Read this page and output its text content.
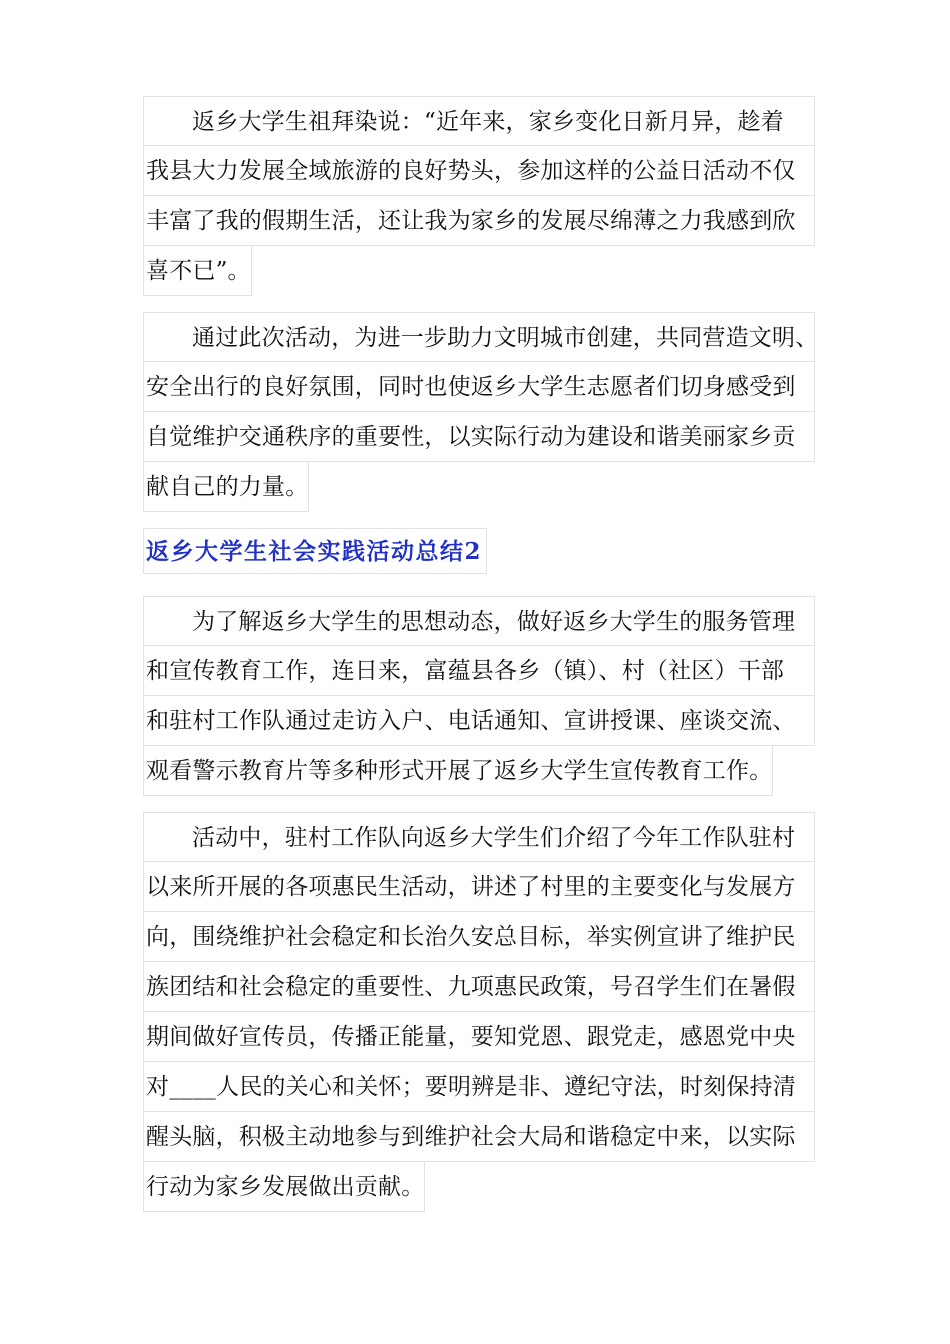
返乡大学生祖拜染说：“近年来，家乡变化日新月异，趁着
我县大力发展全域旅游的良好势头，参加这样的公益日活动不仅
丰富了我的假期生活，还让我为家乡的发展尽绵薄之力我感到欣
喜不已”。
通过此次活动，为进一步助力文明城市创建，共同营造文明、
安全出行的良好氛围，同时也使返乡大学生志愿者们切身感受到
自觉维护交通秩序的重要性，以实际行动为建设和谐美丽家乡贡
献自己的力量。
返乡大学生社会实践活动总结2
为了解返乡大学生的思想动态，做好返乡大学生的服务管理
和宣传教育工作，连日来，富蕴县各乡（镇）、村（社区）干部
和驻村工作队通过走访入户、电话通知、宣讲授课、座谈交流、
观看警示教育片等多种形式开展了返乡大学生宣传教育工作。
活动中，驻村工作队向返乡大学生们介绍了今年工作队驻村
以来所开展的各项惠民生活动，讲述了村里的主要变化与发展方
向，围绕维护社会稳定和长治久安总目标，举实例宣讲了维护民
族团结和社会稳定的重要性、九项惠民政策，号召学生们在暑假
期间做好宣传员，传播正能量，要知党恩、跟党走，感恩党中央
对____人民的关心和关怀；要明辨是非、遵纪守法，时刻保持清
醒头脑，积极主动地参与到维护社会大局和谐稳定中来，以实际
行动为家乡发展做出贡献。
